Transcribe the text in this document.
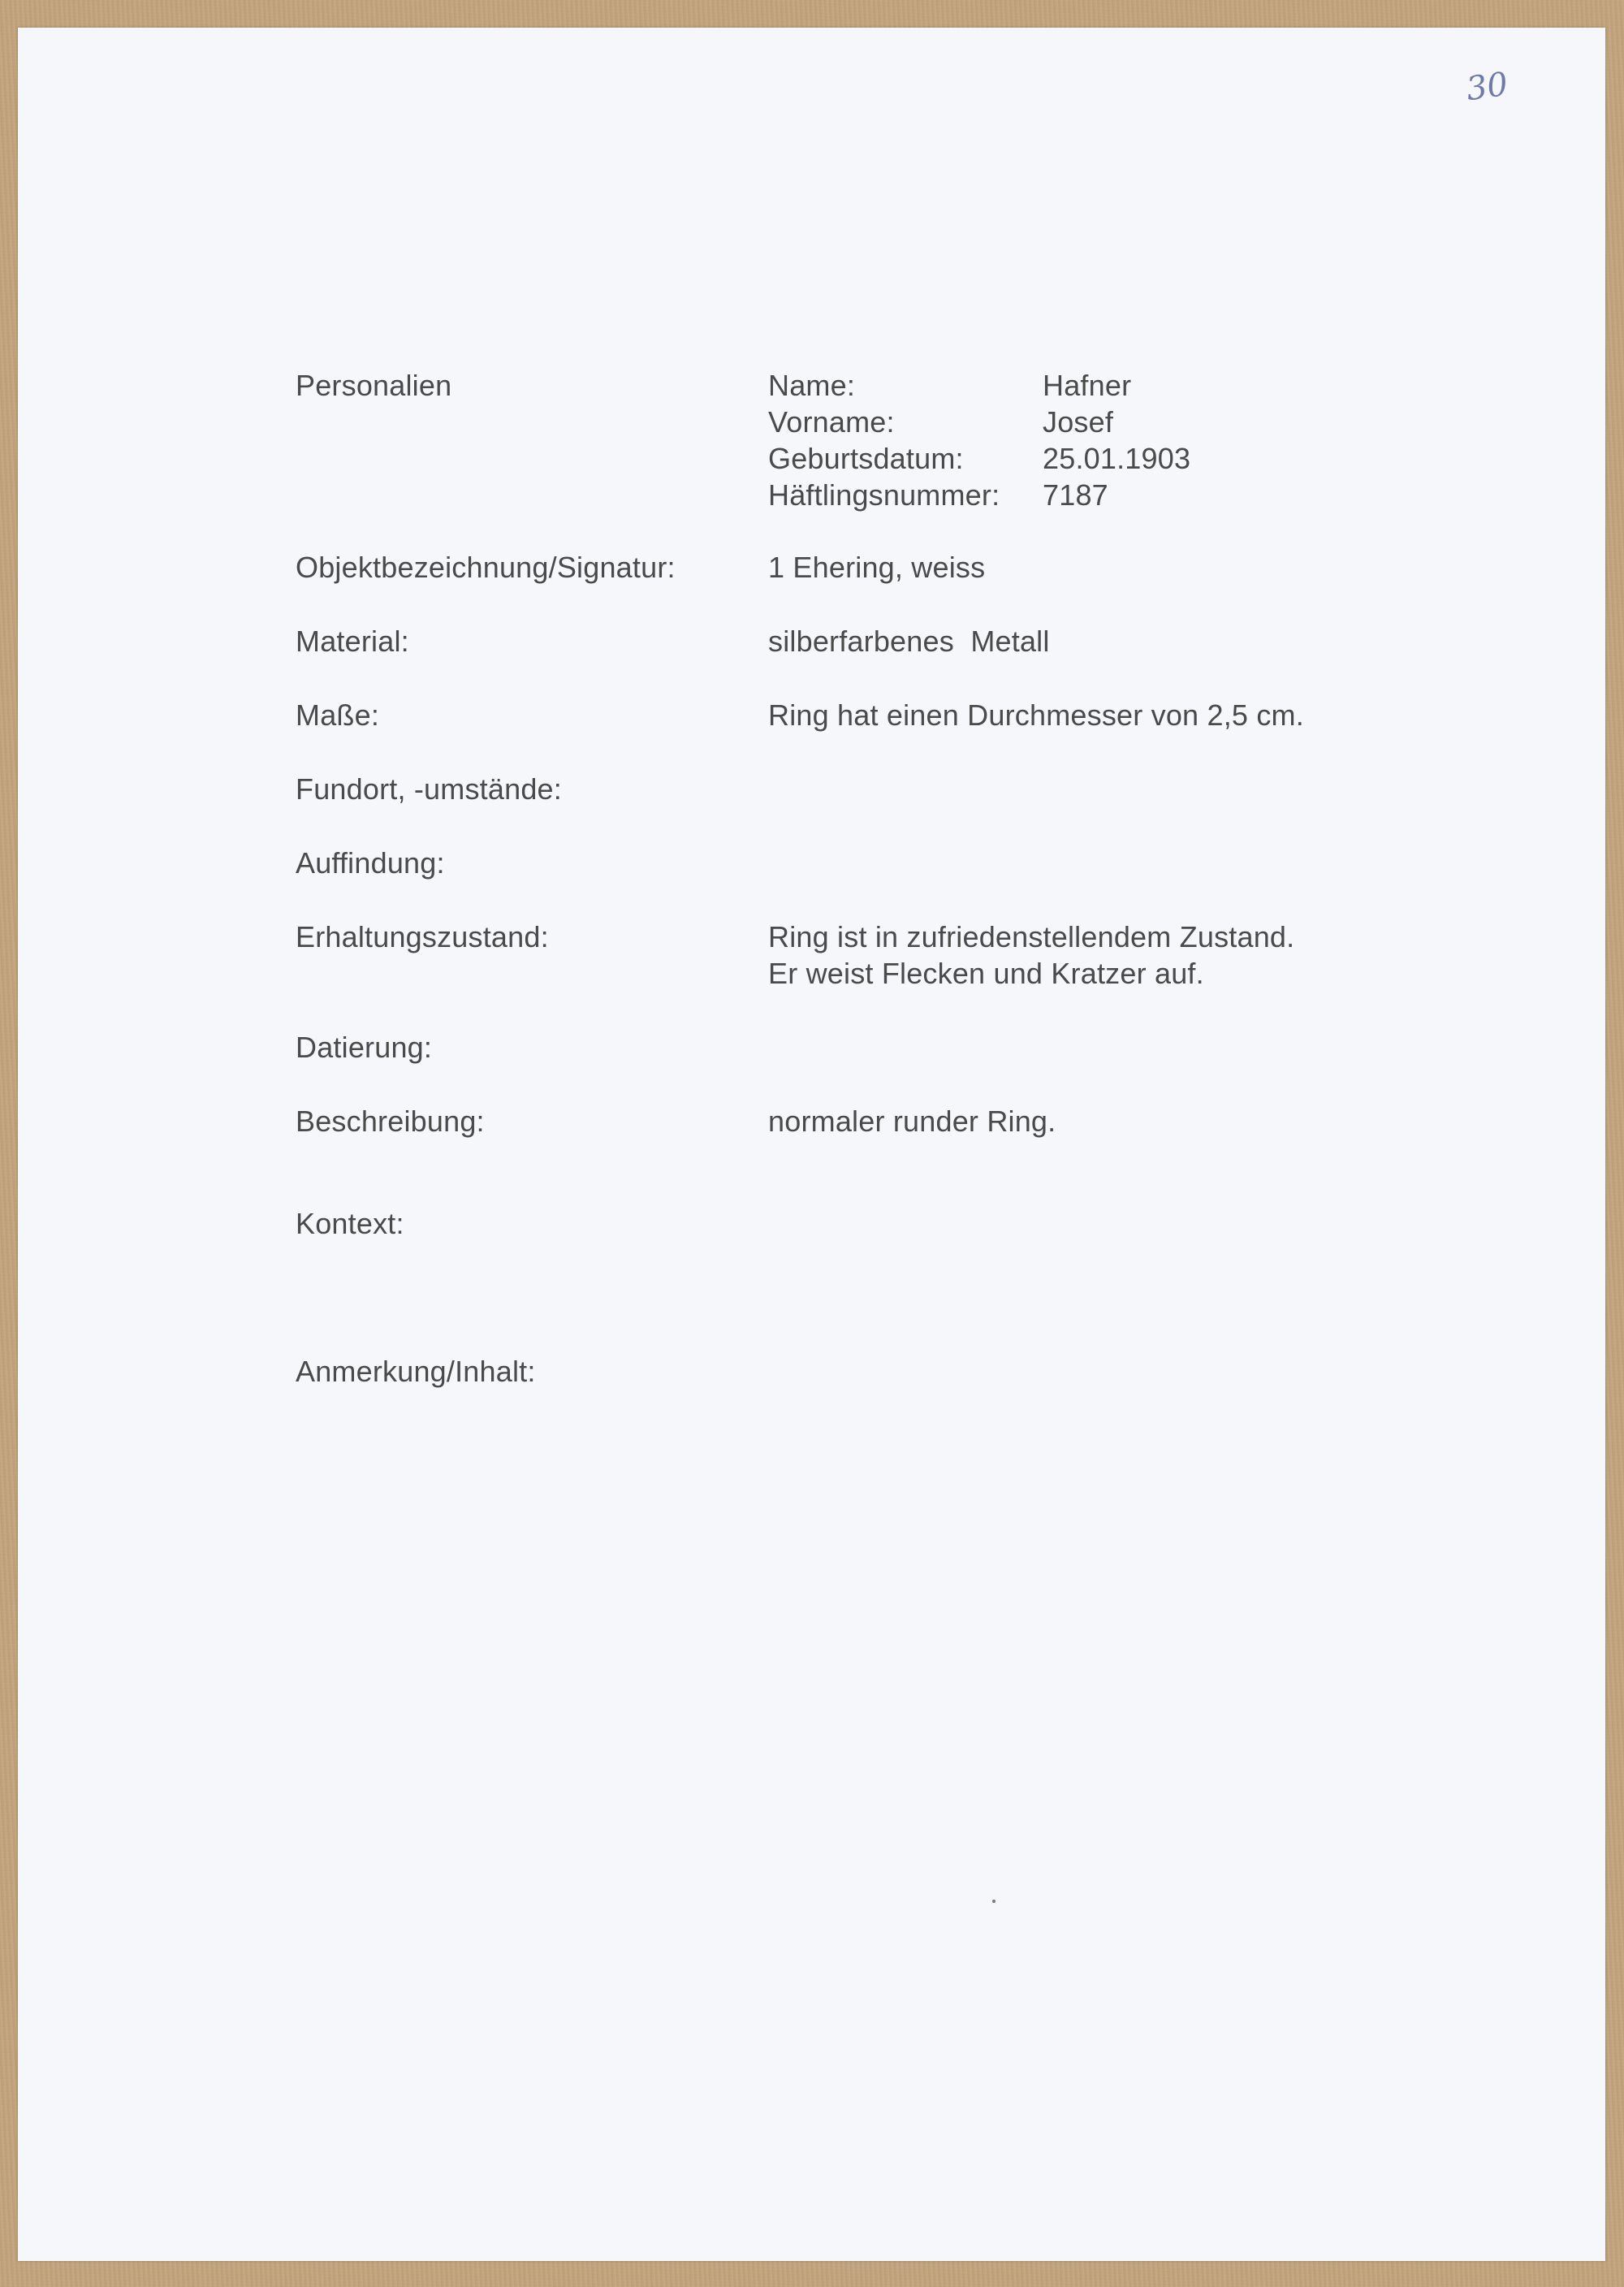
30
Personalien	Name:	Hafner
Vorname:	Josef
Geburtsdatum:	25.01.1903
Häftlingsnummer: 7187
Objektbezeichnung/Signatur:	1 Ehering, weiss
Material:	silberfarbenes  Metall
Maße:	Ring hat einen Durchmesser von 2,5 cm.
Fundort, -umstände:
Auffindung:
Erhaltungszustand:	Ring ist in zufriedenstellendem Zustand.
Er weist Flecken und Kratzer auf.
Datierung:
Beschreibung:	normaler runder Ring.
Kontext:
Anmerkung/Inhalt:
